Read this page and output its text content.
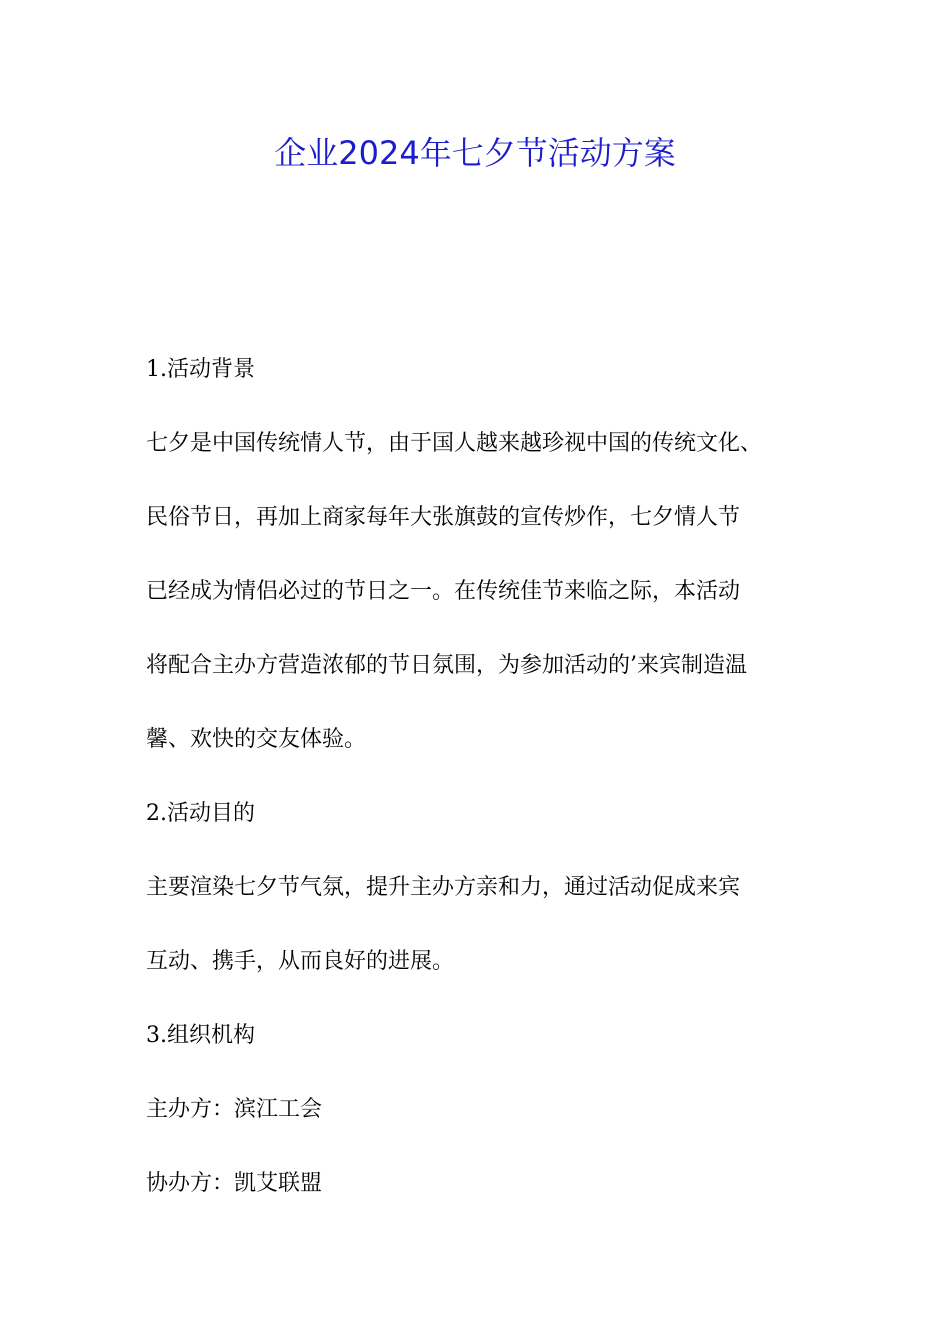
企业2024年七夕节活动方案
1.活动背景
七夕是中国传统情人节，由于国人越来越珍视中国的传统文化、
民俗节日，再加上商家每年大张旗鼓的宣传炒作，七夕情人节
已经成为情侣必过的节日之一。在传统佳节来临之际，本活动
将配合主办方营造浓郁的节日氛围，为参加活动的’来宾制造温
馨、欢快的交友体验。
2.活动目的
主要渲染七夕节气氛，提升主办方亲和力，通过活动促成来宾
互动、携手，从而良好的进展。
3.组织机构
主办方：滨江工会
协办方：凯艾联盟
